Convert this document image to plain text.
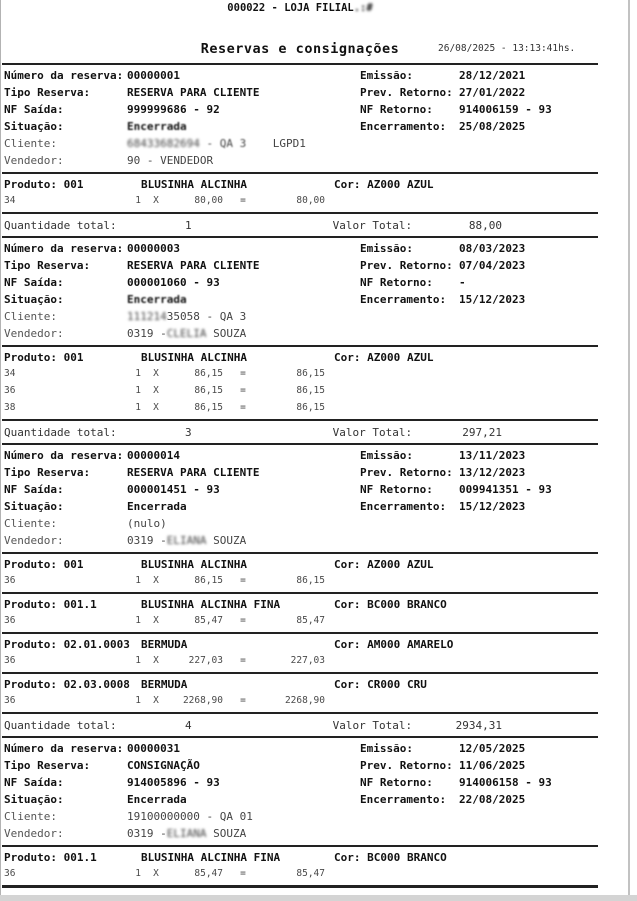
000022 - LOJA FILIAL.:#
Reservas e consignações	26/08/2025 - 13:13:41hs.
Número da reserva: 00000001	Emissão:	28/12/2021
Tipo Reserva:	RESERVA PARA CLIENTE	Prev. Retorno: 27/01/2022
NF Saída:	999999686 - 92	NF Retorno:	914006159 - 93
Situação:	Encerrada	Encerramento:	25/08/2025
Cliente:	68433682694 - QA 3    LGPD1
Vendedor:	90 - VENDEDOR
Produto: 001	BLUSINHA ALCINHA	Cor: AZ000 AZUL
34	1	X	80,00	=	80,00
Quantidade total:	1	Valor Total:	88,00
Número da reserva: 00000003	Emissão:	08/03/2023
Tipo Reserva:	RESERVA PARA CLIENTE	Prev. Retorno: 07/04/2023
NF Saída:	000001060 - 93	NF Retorno:	-
Situação:	Encerrada	Encerramento:	15/12/2023
Cliente:	11121435058 - QA 3
Vendedor:	0319 -CLELIA SOUZA
Produto: 001	BLUSINHA ALCINHA	Cor: AZ000 AZUL
34	1	X	86,15	=	86,15
36	1	X	86,15	=	86,15
38	1	X	86,15	=	86,15
Quantidade total:	3	Valor Total:	297,21
Número da reserva: 00000014	Emissão:	13/11/2023
Tipo Reserva:	RESERVA PARA CLIENTE	Prev. Retorno: 13/12/2023
NF Saída:	000001451 - 93	NF Retorno:	009941351 - 93
Situação:	Encerrada	Encerramento:	15/12/2023
Cliente:	(nulo)
Vendedor:	0319 -ELIANA SOUZA
Produto: 001	BLUSINHA ALCINHA	Cor: AZ000 AZUL
36	1	X	86,15	=	86,15
Produto: 001.1	BLUSINHA ALCINHA FINA	Cor: BC000 BRANCO
36	1	X	85,47	=	85,47
Produto: 02.01.0003	BERMUDA	Cor: AM000 AMARELO
36	1	X	227,03	=	227,03
Produto: 02.03.0008	BERMUDA	Cor: CR000 CRU
36	1	X	2268,90	=	2268,90
Quantidade total:	4	Valor Total:	2934,31
Número da reserva: 00000031	Emissão:	12/05/2025
Tipo Reserva:	CONSIGNAÇÃO	Prev. Retorno: 11/06/2025
NF Saída:	914005896 - 93	NF Retorno:	914006158 - 93
Situação:	Encerrada	Encerramento:	22/08/2025
Cliente:	19100000000 - QA 01
Vendedor:	0319 -ELIANA SOUZA
Produto: 001.1	BLUSINHA ALCINHA FINA	Cor: BC000 BRANCO
36	1	X	85,47	=	85,47
